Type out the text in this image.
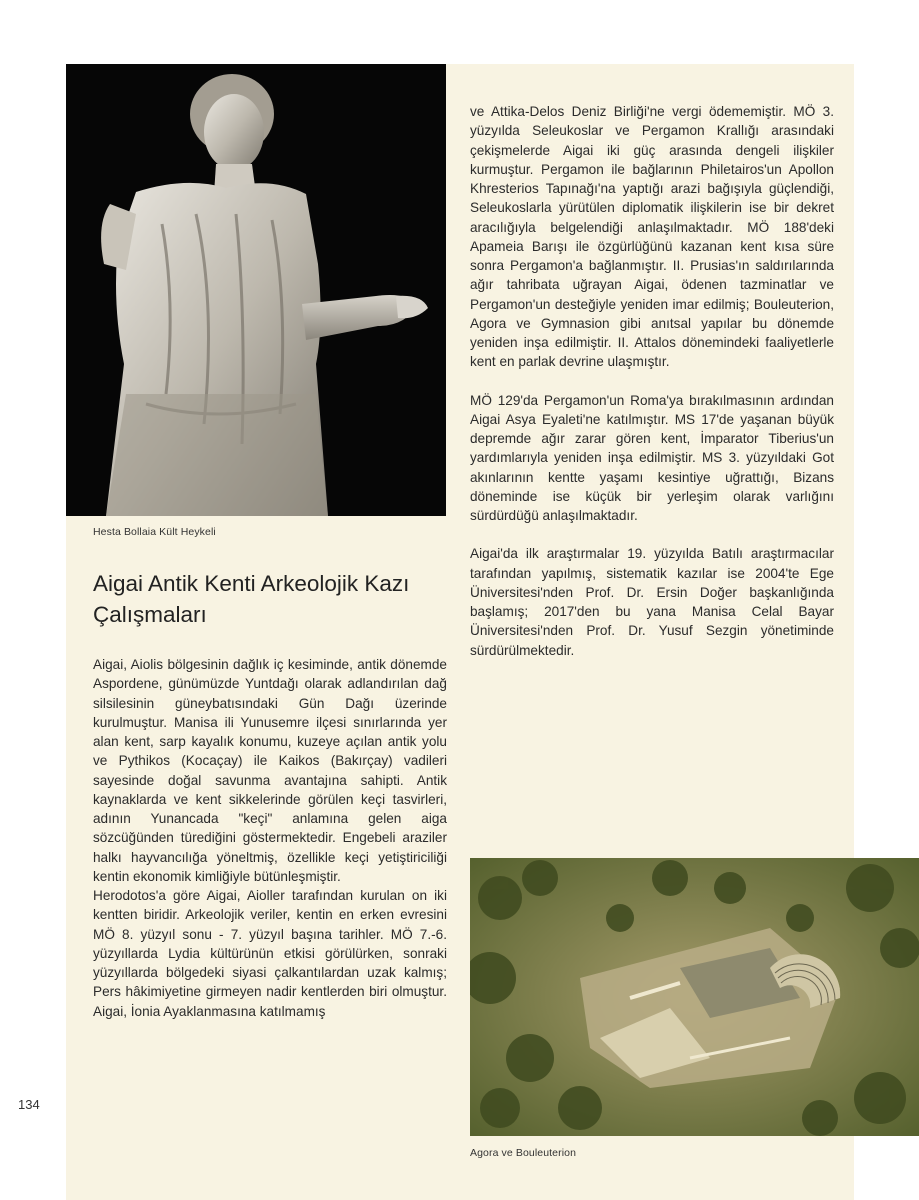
Hesta Bollaia Kült Heykeli
Aigai Antik Kenti Arkeolojik Kazı Çalışmaları

Aigai, Aiolis bölgesinin dağlık iç kesiminde, antik dönemde Aspordene, günümüzde Yuntdağı olarak adlandırılan dağ silsilesinin güneybatısındaki Gün Dağı üzerinde kurulmuştur. Manisa ili Yunusemre ilçesi sınırlarında yer alan kent, sarp kayalık konumu, kuzeye açılan antik yolu ve Pythikos (Kocaçay) ile Kaikos (Bakırçay) vadileri sayesinde doğal savunma avantajına sahipti. Antik kaynaklarda ve kent sikkelerinde görülen keçi tasvirleri, adının Yunancada "keçi" anlamına gelen aiga sözcüğünden türediğini göstermektedir. Engebeli araziler halkı hayvancılığa yöneltmiş, özellikle keçi yetiştiriciliği kentin ekonomik kimliğiyle bütünleşmiştir.

Herodotos'a göre Aigai, Aioller tarafından kurulan on iki kentten biridir. Arkeolojik veriler, kentin en erken evresini MÖ 8. yüzyıl sonu - 7. yüzyıl başına tarihler. MÖ 7.-6. yüzyıllarda Lydia kültürünün etkisi görülürken, sonraki yüzyıllarda bölgedeki siyasi çalkantılardan uzak kalmış; Pers hâkimiyetine girmeyen nadir kentlerden biri olmuştur. Aigai, İonia Ayaklanmasına katılmamış

ve Attika-Delos Deniz Birliği'ne vergi ödememiştir. MÖ 3. yüzyılda Seleukoslar ve Pergamon Krallığı arasındaki çekişmelerde Aigai iki güç arasında dengeli ilişkiler kurmuştur. Pergamon ile bağlarının Philetairos'un Apollon Khresterios Tapınağı'na yaptığı arazi bağışıyla güçlendiği, Seleukoslarla yürütülen diplomatik ilişkilerin ise bir dekret aracılığıyla belgelendiği anlaşılmaktadır. MÖ 188'deki Apameia Barışı ile özgürlüğünü kazanan kent kısa süre sonra Pergamon'a bağlanmıştır. II. Prusias'ın saldırılarında ağır tahribata uğrayan Aigai, ödenen tazminatlar ve Pergamon'un desteğiyle yeniden imar edilmiş; Bouleuterion, Agora ve Gymnasion gibi anıtsal yapılar bu dönemde yeniden inşa edilmiştir. II. Attalos dönemindeki faaliyetlerle kent en parlak devrine ulaşmıştır.

MÖ 129'da Pergamon'un Roma'ya bırakılmasının ardından Aigai Asya Eyaleti'ne katılmıştır. MS 17'de yaşanan büyük depremde ağır zarar gören kent, İmparator Tiberius'un yardımlarıyla yeniden inşa edilmiştir. MS 3. yüzyıldaki Got akınlarının kentte yaşamı kesintiye uğrattığı, Bizans döneminde ise küçük bir yerleşim olarak varlığını sürdürdüğü anlaşılmaktadır.

Aigai'da ilk araştırmalar 19. yüzyılda Batılı araştırmacılar tarafından yapılmış, sistematik kazılar ise 2004'te Ege Üniversitesi'nden Prof. Dr. Ersin Doğer başkanlığında başlamış; 2017'den bu yana Manisa Celal Bayar Üniversitesi'nden Prof. Dr. Yusuf Sezgin yönetiminde sürdürülmektedir.

Agora ve Bouleuterion
134
